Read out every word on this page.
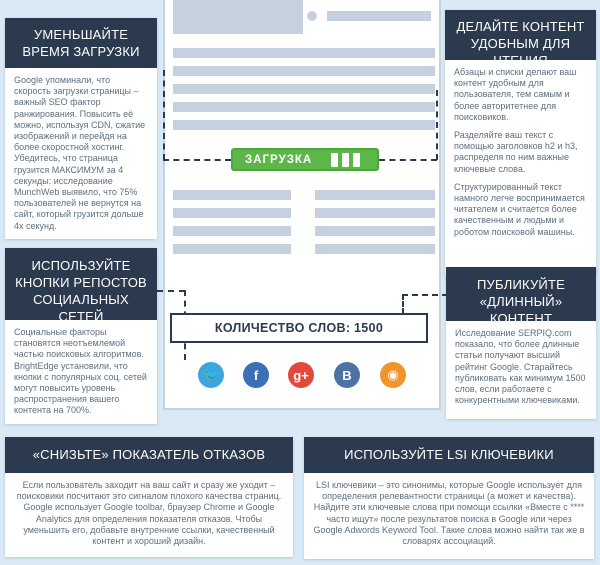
ЗАГРУЗКА
КОЛИЧЕСТВО СЛОВ: 1500
🐦	f	g+	B	◉
УМЕНЬШАЙТЕ ВРЕМЯ ЗАГРУЗКИ
Google упоминали, что скорость загрузки страницы – важный SEO фактор ранжирования. Повысить её можно, используя CDN, сжатие изображений и перейдя на более скоростной хостинг. Убедитесь, что страница грузится МАКСИМУМ за 4 секунды: исследование MunchWeb выявило, что 75% пользователей не вернутся на сайт, который грузится дольше 4х секунд.
ДЕЛАЙТЕ КОНТЕНТ УДОБНЫМ ДЛЯ ЧТЕНИЯ

Абзацы и списки делают ваш контент удобным для пользователя, тем самым и более авторитетнее для поисковиков.

Разделяйте ваш текст с помощью заголовков h2 и h3, распределя по ним важные ключевые слова.

Структурированный текст намного легче воспринимается читателем и считается более качественным и людьми и роботом поисковой машины.

ИСПОЛЬЗУЙТЕ КНОПКИ РЕПОСТОВ СОЦИАЛЬНЫХ СЕТЕЙ
Социальные факторы становятся неотъемлемой частью поисковых алгоритмов. BrightEdge установили, что кнопки с популярных соц. сетей могут повысить уровень распространения вашего контента на 700%.
ПУБЛИКУЙТЕ «ДЛИННЫЙ» КОНТЕНТ
Исследование SERPIQ.com показало, что более длинные статьи получают высший рейтинг Google. Старайтесь публиковать как минимум 1500 слов, если работаете с конкурентными ключевиками.
«СНИЗЬТЕ» ПОКАЗАТЕЛЬ ОТКАЗОВ
Если пользователь заходит на ваш сайт и сразу же уходит – поисковики посчитают это сигналом плохого качества страниц. Google использует Google toolbar, браузер Chrome и Google Analytics для определения показателя отказов. Чтобы уменьшить его, добавьте внутренние ссылки, качественный контент и хороший дизайн.
ИСПОЛЬЗУЙТЕ LSI КЛЮЧЕВИКИ
LSI ключевики – это синонимы, которые Google использует для определения релевантности страницы (а может и качества). Найдите эти ключевые слова при помощи ссылки «Вместе с **** часто ищут» после результатов поиска в Google или через Google Adwords Keyword Tool. Такие слова можно найти так же в словарях ассоциаций.
